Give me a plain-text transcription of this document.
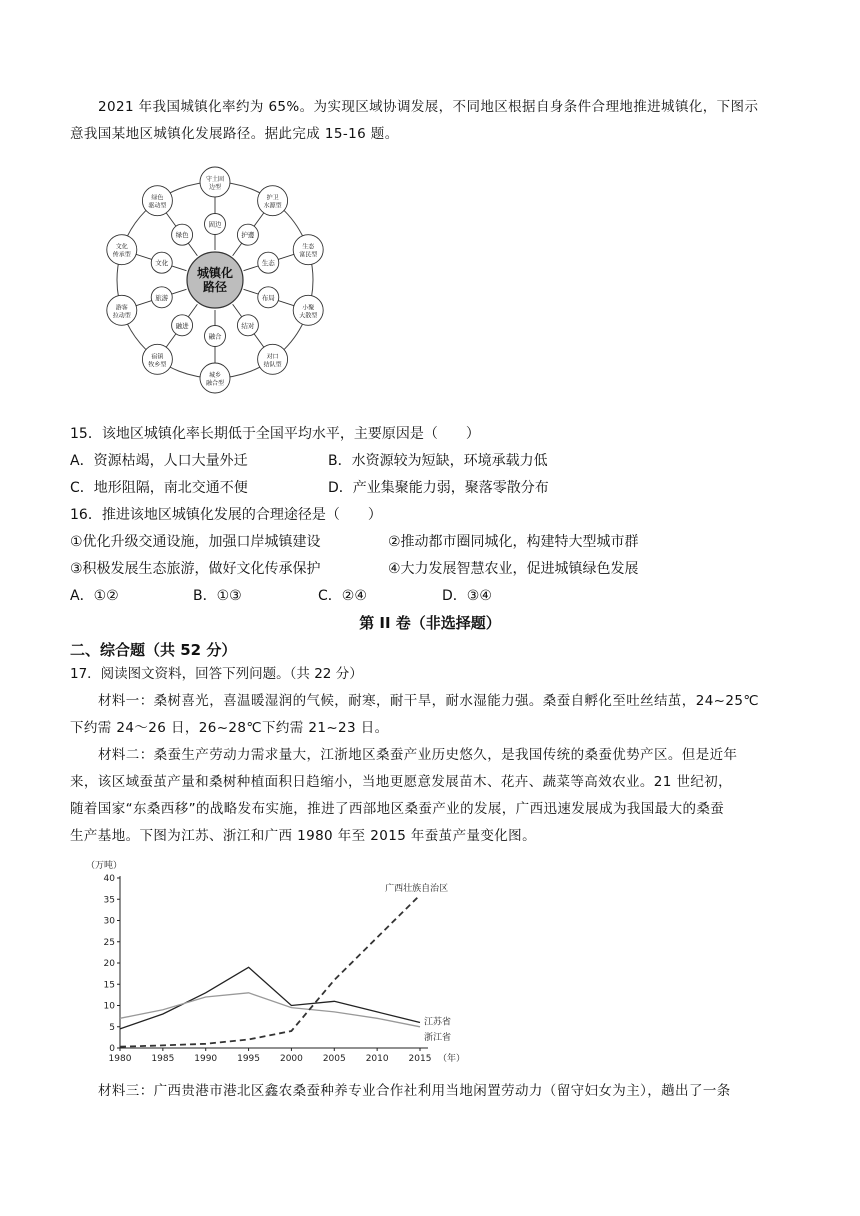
2021 年我国城镇化率约为 65%。为实现区域协调发展，不同地区根据自身条件合理地推进城镇化，下图示
意我国某地区城镇化发展路径。据此完成 15-16 题。
固边
守土固
边型
护邊
护卫
水源型
生态
生态
富民型
布局
小聚
大散型
结对
对口
结队型
融合
城乡
融合型
融进
宿镇
牧乡型
旅游
游客
拉动型
文化
文化
传承型
绿色
绿色
驱动型
城镇化
路径
15．该地区城镇化率长期低于全国平均水平，主要原因是（　　）
A．资源枯竭，人口大量外迁	B．水资源较为短缺，环境承载力低
C．地形阻隔，南北交通不便	D．产业集聚能力弱，聚落零散分布
16．推进该地区城镇化发展的合理途径是（　　）
①优化升级交通设施，加强口岸城镇建设	②推动都市圈同城化，构建特大型城市群
③积极发展生态旅游，做好文化传承保护	④大力发展智慧农业，促进城镇绿色发展
A．①②	B．①③	C．②④	D．③④
第 II 卷（非选择题）
二、综合题（共 52 分）
17．阅读图文资料，回答下列问题。（共 22 分）
材料一：桑树喜光，喜温暖湿润的气候，耐寒，耐干旱，耐水湿能力强。桑蚕自孵化至吐丝结茧，24~25℃
下约需 24～26 日，26~28℃下约需 21~23 日。
材料二：桑蚕生产劳动力需求量大，江浙地区桑蚕产业历史悠久，是我国传统的桑蚕优势产区。但是近年
来，该区域蚕茧产量和桑树种植面积日趋缩小，当地更愿意发展苗木、花卉、蔬菜等高效农业。21 世纪初，
随着国家“东桑西移”的战略发布实施，推进了西部地区桑蚕产业的发展，广西迅速发展成为我国最大的桑蚕
生产基地。下图为江苏、浙江和广西 1980 年至 2015 年蚕茧产量变化图。
（万吨）
0
5
10
15
20
25
30
35
40
1980 1985 1990 1995 2000 2005 2010 2015 （年）
广西壮族自治区
江苏省
浙江省
材料三：广西贵港市港北区鑫农桑蚕种养专业合作社利用当地闲置劳动力（留守妇女为主），趟出了一条
